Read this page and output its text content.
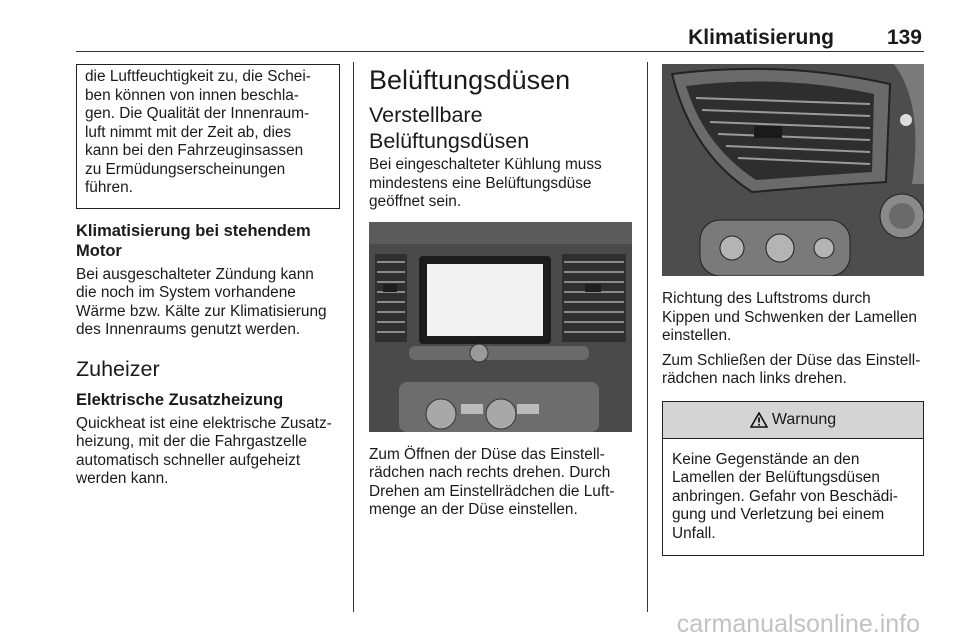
Klimatisierung	139

die Luftfeuchtigkeit zu, die Schei-

ben können von innen beschla-

gen. Die Qualität der Innenraum-

luft nimmt mit der Zeit ab, dies

kann bei den Fahrzeuginsassen

zu Ermüdungserscheinungen

führen.

Klimatisierung bei stehendem
Motor

Bei ausgeschalteter Zündung kann

die noch im System vorhandene

Wärme bzw. Kälte zur Klimatisierung

des Innenraums genutzt werden.

Zuheizer
Elektrische Zusatzheizung

Quickheat ist eine elektrische Zusatz-

heizung, mit der die Fahrgastzelle

automatisch schneller aufgeheizt

werden kann.

Belüftungsdüsen
Verstellbare
Belüftungsdüsen

Bei eingeschalteter Kühlung muss

mindestens eine Belüftungsdüse

geöffnet sein.

Zum Öffnen der Düse das Einstell-

rädchen nach rechts drehen. Durch

Drehen am Einstellrädchen die Luft-

menge an der Düse einstellen.

Richtung des Luftstroms durch

Kippen und Schwenken der Lamellen

einstellen.

Zum Schließen der Düse das Einstell-

rädchen nach links drehen.

Warnung

Keine Gegenstände an den

Lamellen der Belüftungsdüsen

anbringen. Gefahr von Beschädi-

gung und Verletzung bei einem

Unfall.

carmanualsonline.info
